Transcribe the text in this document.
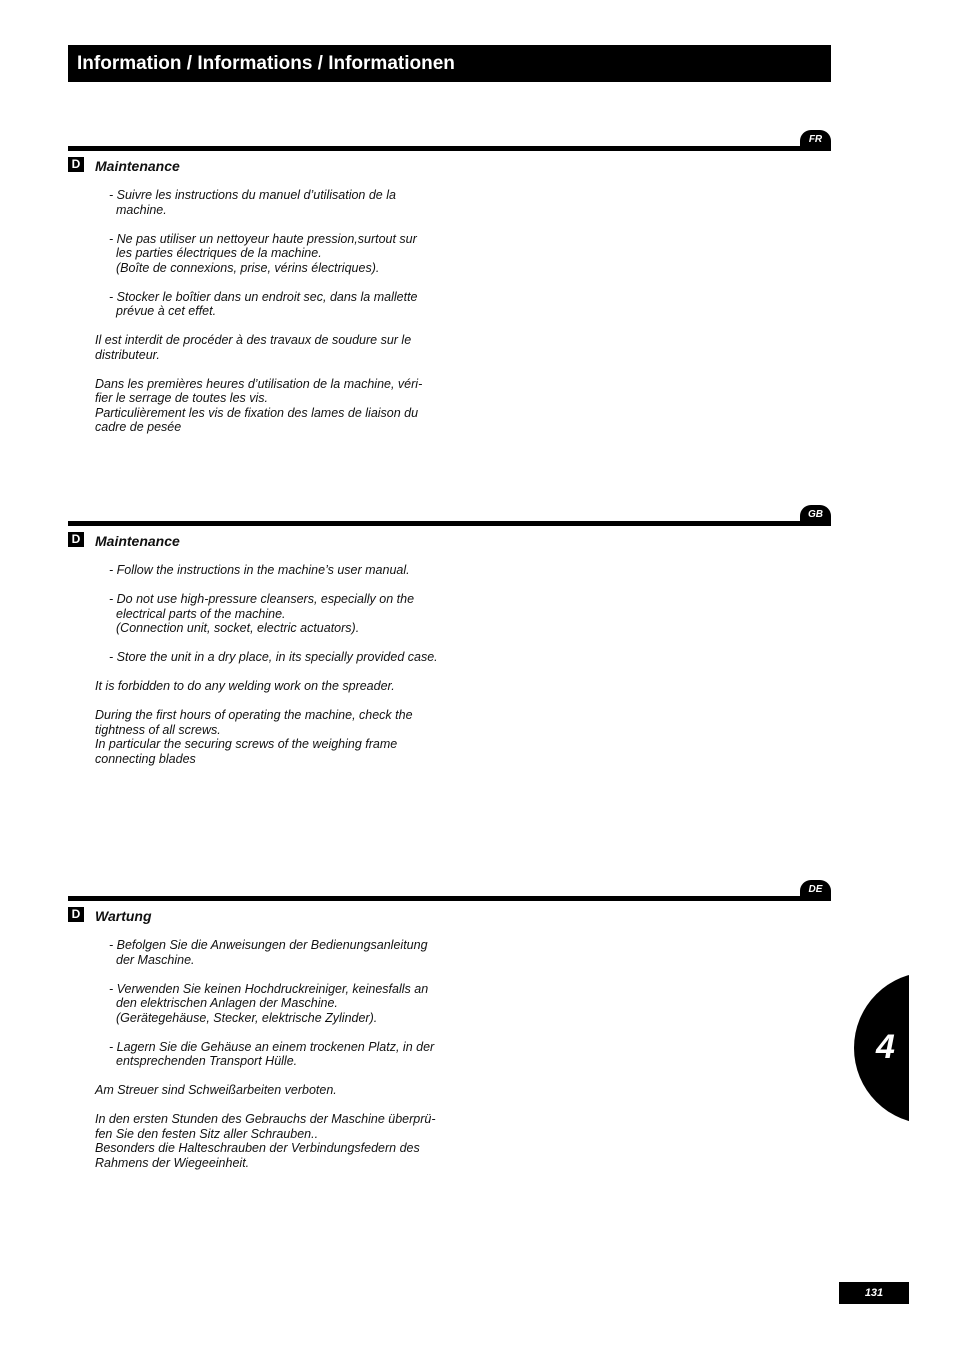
Information / Informations / Informationen
FR
D Maintenance

- Suivre les instructions du manuel d’utilisation de la
machine.

- Ne pas utiliser un nettoyeur haute pression,surtout sur
les parties électriques de la machine.
(Boîte de connexions, prise, vérins électriques).

- Stocker le boîtier dans un endroit sec, dans la mallette
prévue à cet effet.

Il est interdit de procéder à des travaux de soudure sur le
distributeur.

Dans les premières heures d’utilisation de la machine, véri-
fier le serrage de toutes les vis.
Particulièrement les vis de fixation des lames de liaison du
cadre de pesée

GB
D Maintenance

- Follow the instructions in the machine’s user manual.

- Do not use high-pressure cleansers, especially on the
electrical parts of the machine.
(Connection unit, socket, electric actuators).

- Store the unit in a dry place, in its specially provided case.

It is forbidden to do any welding work on the spreader.

During the first hours of operating the machine, check the
tightness of all screws.
In particular the securing screws of the weighing frame
connecting blades

DE
D Wartung

- Befolgen Sie die Anweisungen der Bedienungsanleitung
der Maschine.

- Verwenden Sie keinen Hochdruckreiniger, keinesfalls an
den elektrischen Anlagen der Maschine.
(Gerätegehäuse, Stecker, elektrische Zylinder).

- Lagern Sie die Gehäuse an einem trockenen Platz, in der
entsprechenden Transport Hülle.

Am Streuer sind Schweißarbeiten verboten.

In den ersten Stunden des Gebrauchs der Maschine überprü-
fen Sie den festen Sitz aller Schrauben..
Besonders die Halteschrauben der Verbindungsfedern des
Rahmens der Wiegeeinheit.

4
131
